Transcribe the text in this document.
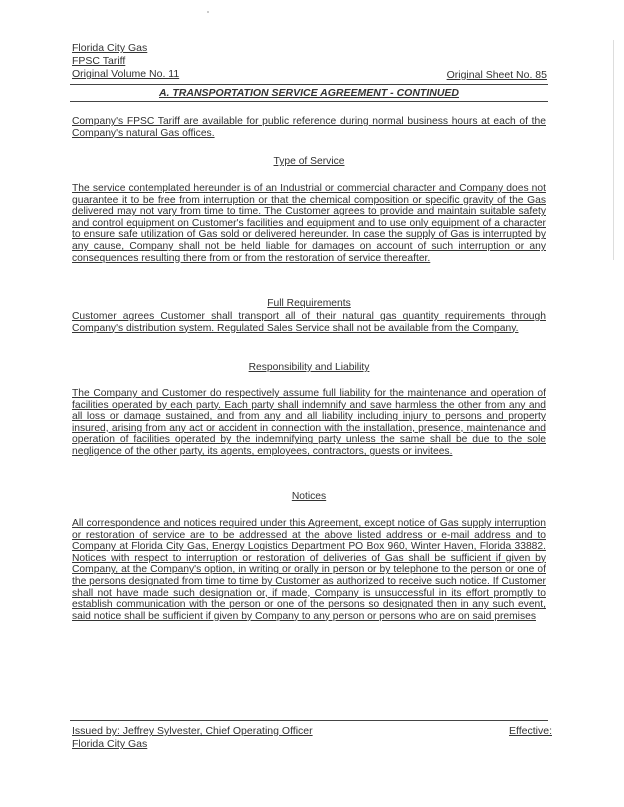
Florida City Gas
FPSC Tariff
Original Volume No. 11	Original Sheet No. 85
A. TRANSPORTATION SERVICE AGREEMENT - CONTINUED
Company's FPSC Tariff are available for public reference during normal business hours at each of the Company's natural Gas offices.
Type of Service
The service contemplated hereunder is of an Industrial or commercial character and Company does not guarantee it to be free from interruption or that the chemical composition or specific gravity of the Gas delivered may not vary from time to time. The Customer agrees to provide and maintain suitable safety and control equipment on Customer's facilities and equipment and to use only equipment of a character to ensure safe utilization of Gas sold or delivered hereunder. In case the supply of Gas is interrupted by any cause, Company shall not be held liable for damages on account of such interruption or any consequences resulting there from or from the restoration of service thereafter.
Full Requirements
Customer agrees Customer shall transport all of their natural gas quantity requirements through Company's distribution system. Regulated Sales Service shall not be available from the Company.
Responsibility and Liability
The Company and Customer do respectively assume full liability for the maintenance and operation of facilities operated by each party. Each party shall indemnify and save harmless the other from any and all loss or damage sustained, and from any and all liability including injury to persons and property insured, arising from any act or accident in connection with the installation, presence, maintenance and operation of facilities operated by the indemnifying party unless the same shall be due to the sole negligence of the other party, its agents, employees, contractors, guests or invitees.
Notices
All correspondence and notices required under this Agreement, except notice of Gas supply interruption or restoration of service are to be addressed at the above listed address or e-mail address and to Company at Florida City Gas, Energy Logistics Department PO Box 960, Winter Haven, Florida 33882. Notices with respect to interruption or restoration of deliveries of Gas shall be sufficient if given by Company, at the Company's option, in writing or orally in person or by telephone to the person or one of the persons designated from time to time by Customer as authorized to receive such notice. If Customer shall not have made such designation or, if made, Company is unsuccessful in its effort promptly to establish communication with the person or one of the persons so designated then in any such event, said notice shall be sufficient if given by Company to any person or persons who are on said premises
Issued by: Jeffrey Sylvester, Chief Operating Officer
Florida City Gas
Effective:
